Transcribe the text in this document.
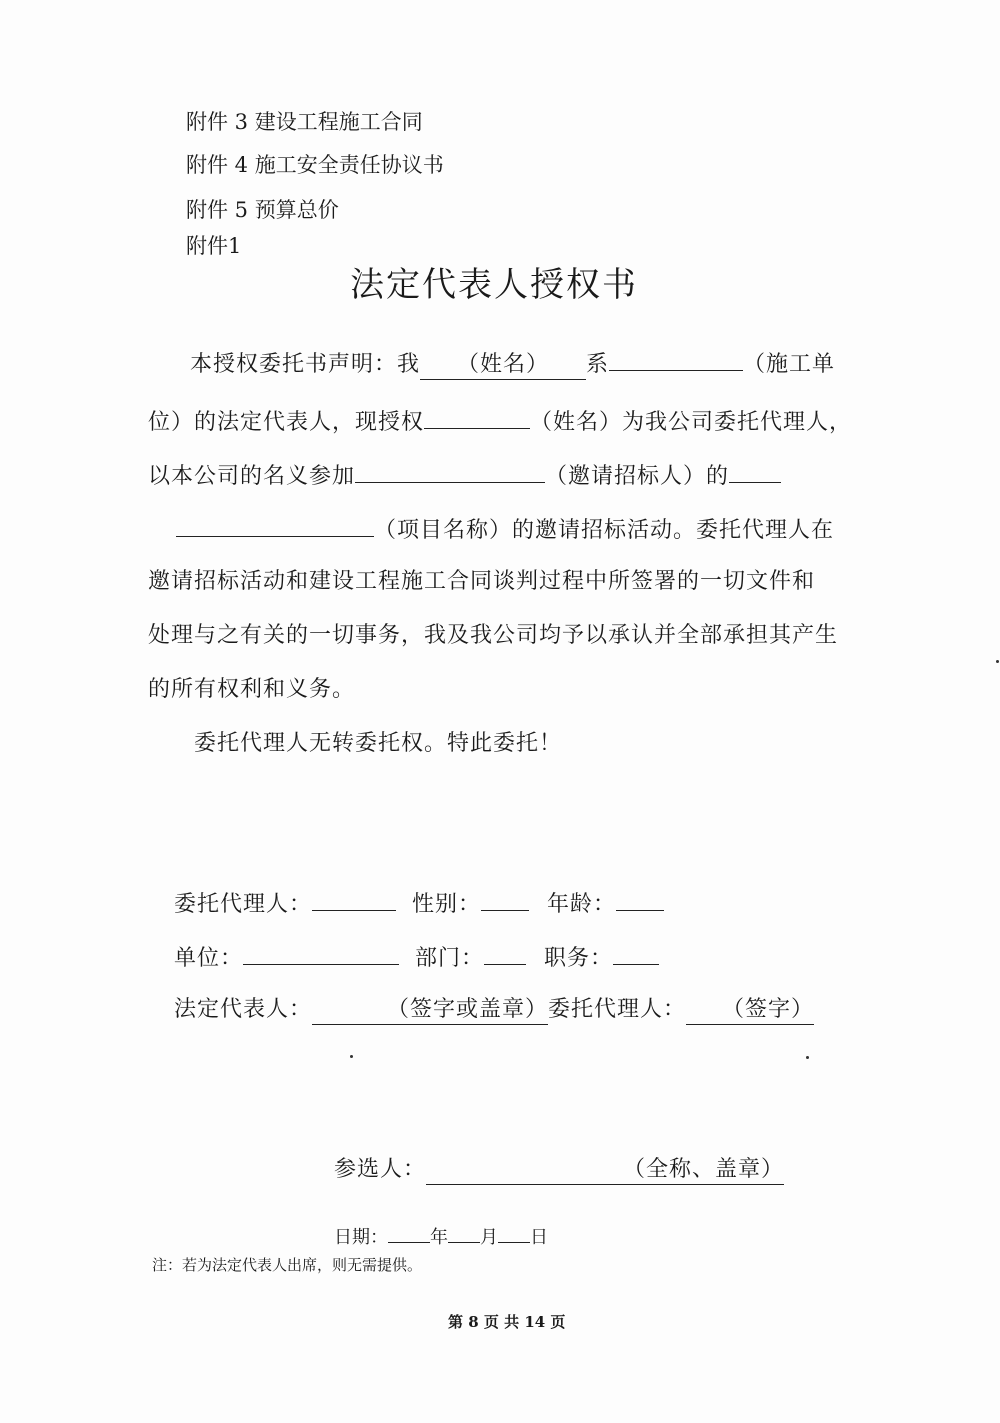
附件 3 建设工程施工合同
附件 4 施工安全责任协议书
附件 5 预算总价
附件1
法定代表人授权书
本授权委托书声明：我 （姓名） 系	（施工单
位）的法定代表人，现授权	（姓名）为我公司委托代理人，
以本公司的名义参加	（邀请招标人）的
（项目名称）的邀请招标活动。委托代理人在
邀请招标活动和建设工程施工合同谈判过程中所签署的一切文件和
处理与之有关的一切事务，我及我公司均予以承认并全部承担其产生
的所有权利和义务。
委托代理人无转委托权。特此委托！
委托代理人：	性别：	年龄：
单位：	部门：	职务：
法定代表人：	（签字或盖章）委托代理人： （签字）
参选人：	（全称、盖章）
日期： 年 月 日
注：若为法定代表人出席，则无需提供。
第 8 页 共 14 页
